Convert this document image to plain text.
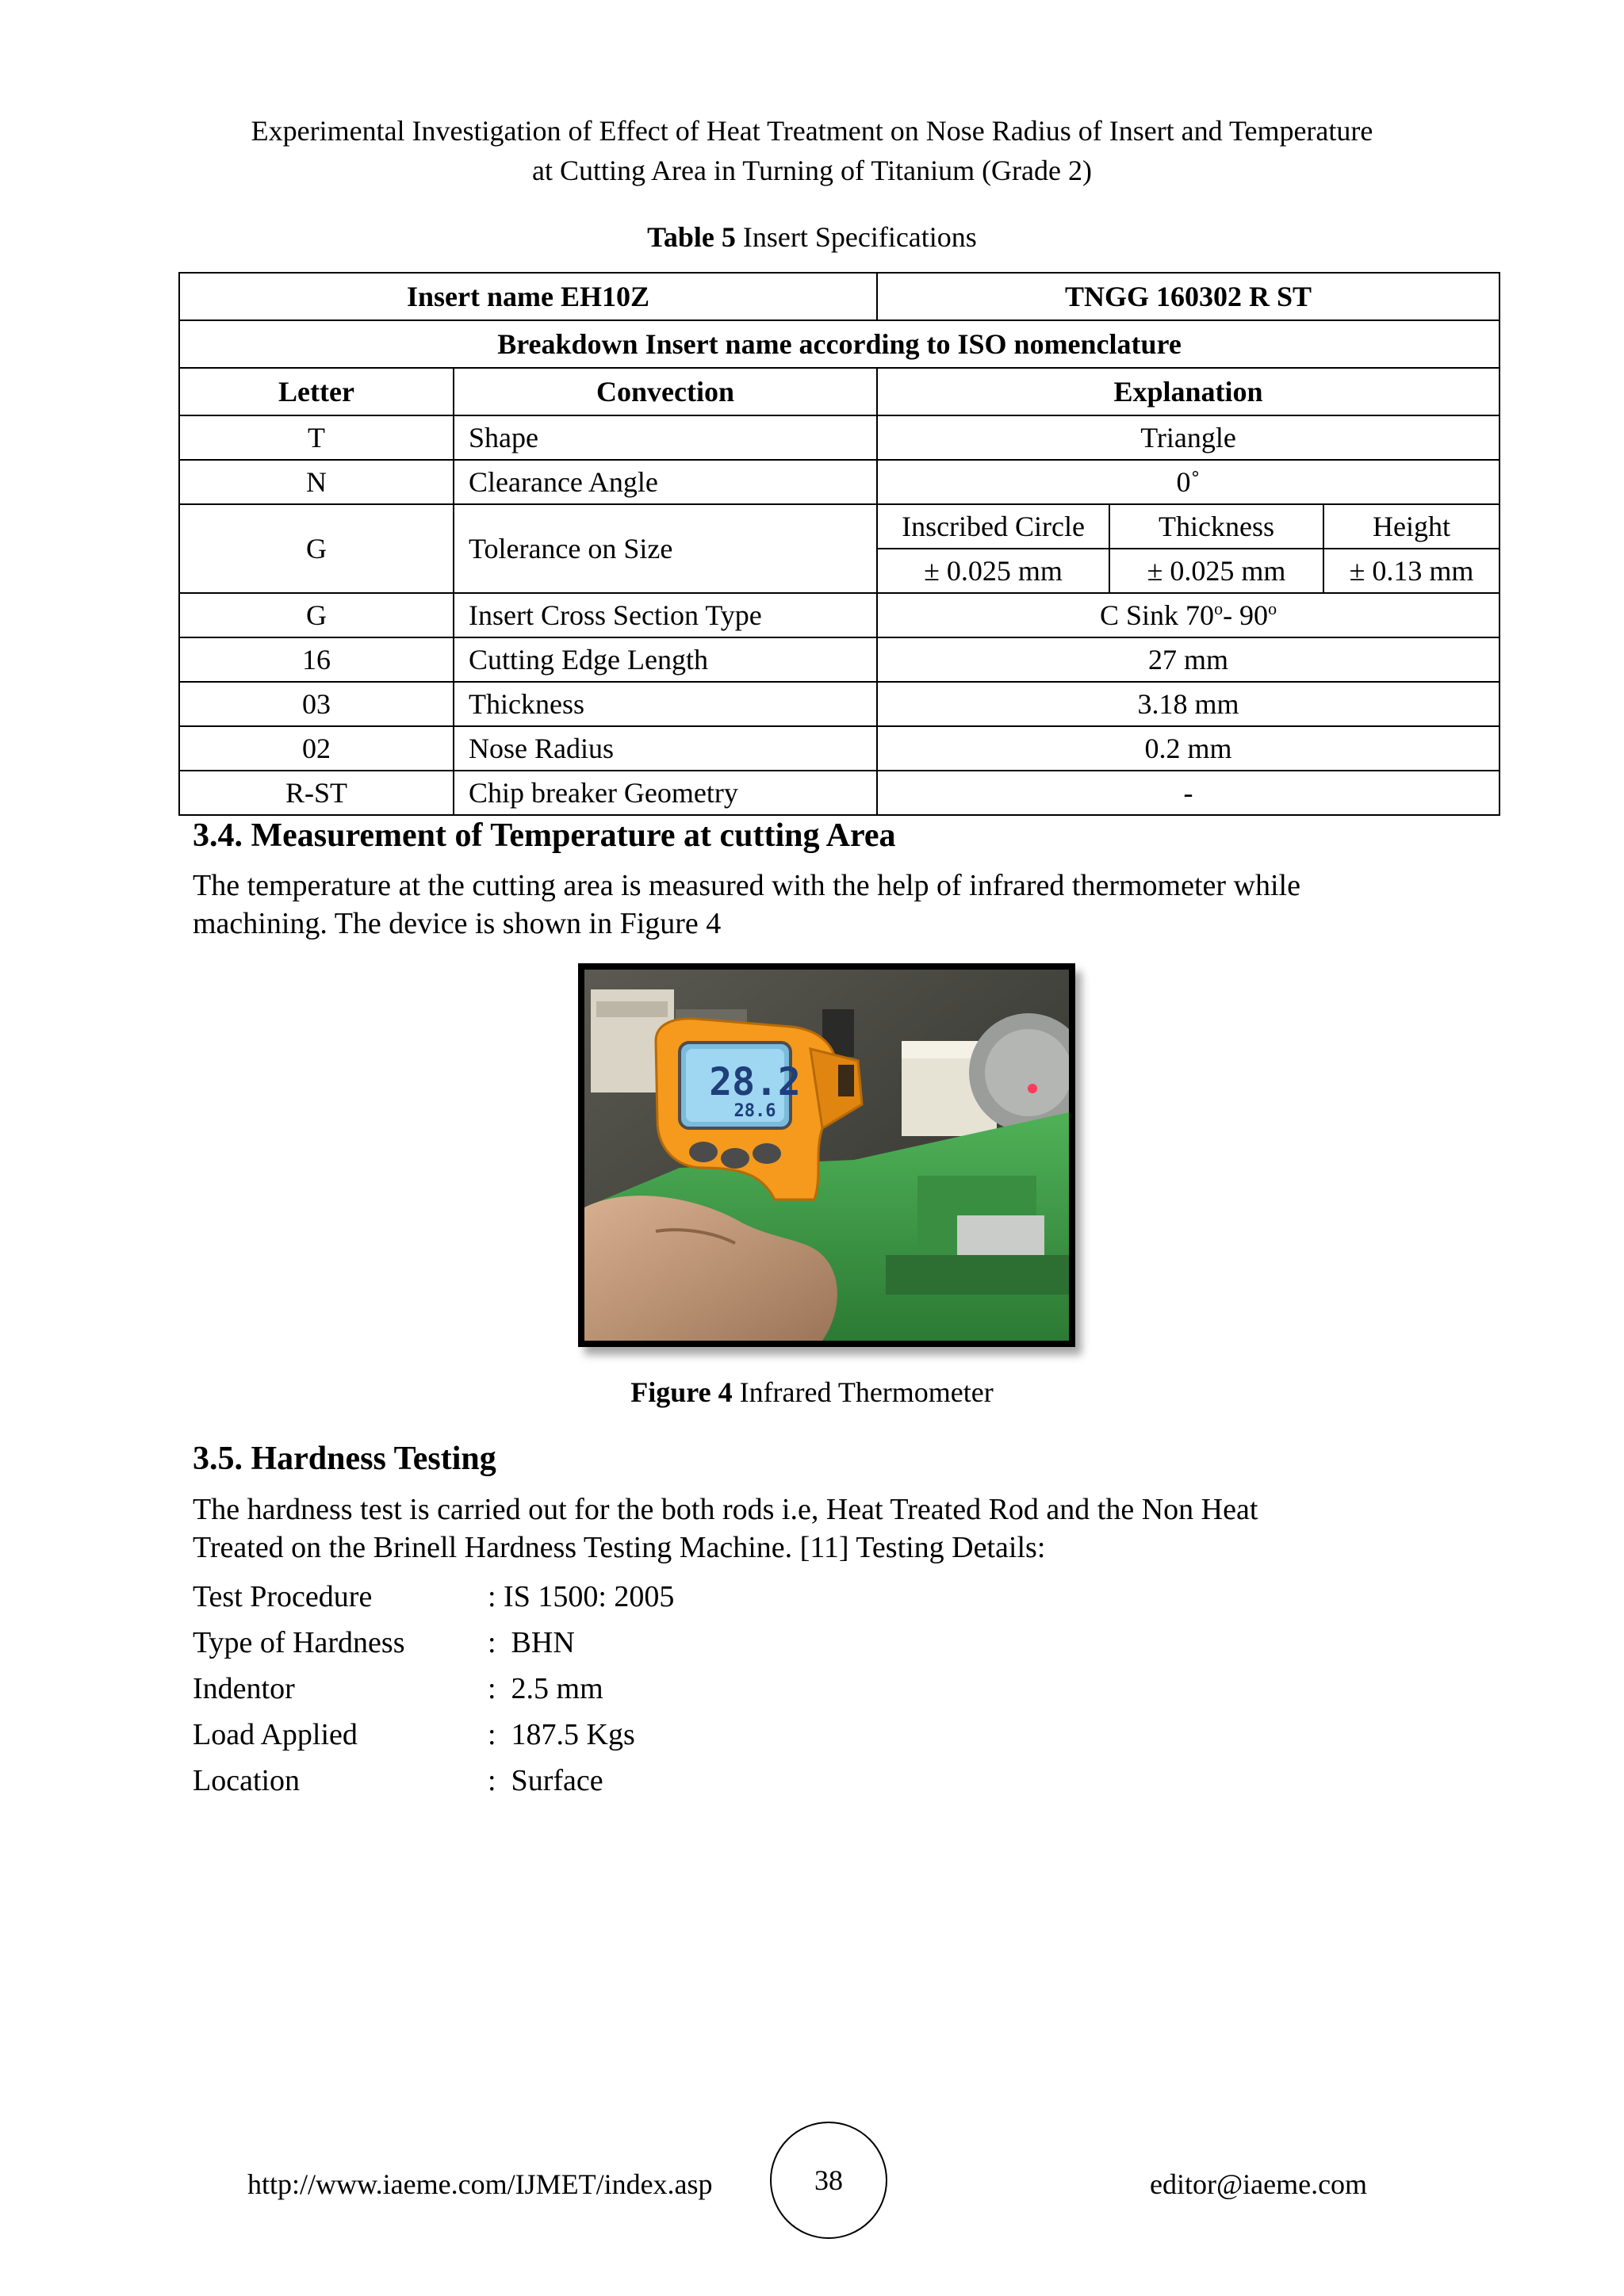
Experimental Investigation of Effect of Heat Treatment on Nose Radius of Insert and Temperature
at Cutting Area in Turning of Titanium (Grade 2)
Table 5 Insert Specifications
Insert name EH10Z		TNGG 160302 R ST		
Breakdown Insert name according to ISO nomenclature				
Letter	Convection	Explanation		
T	Shape	Triangle		
N	Clearance Angle	0˚		
G	Tolerance on Size	Inscribed Circle	Thickness	Height
		± 0.025 mm	± 0.025 mm	± 0.13 mm
G	Insert Cross Section Type	C Sink 70$^o$- 90$^o$
16	Cutting Edge Length	27 mm		
03	Thickness	3.18 mm		
02	Nose Radius	0.2 mm		
R-ST	Chip breaker Geometry	-		
3.4. Measurement of Temperature at cutting Area
The temperature at the cutting area is measured with the help of infrared thermometer while
machining. The device is shown in Figure 4
28.2
28.6
Figure 4 Infrared Thermometer
3.5. Hardness Testing
The hardness test is carried out for the both rods i.e, Heat Treated Rod and the Non Heat
Treated on the Brinell Hardness Testing Machine. [11] Testing Details:
Test Procedure	: IS 1500: 2005
Type of Hardness	:  BHN
Indentor	:  2.5 mm
Load Applied	:  187.5 Kgs
Location	:  Surface
http://www.iaeme.com/IJMET/index.asp	38	editor@iaeme.com
